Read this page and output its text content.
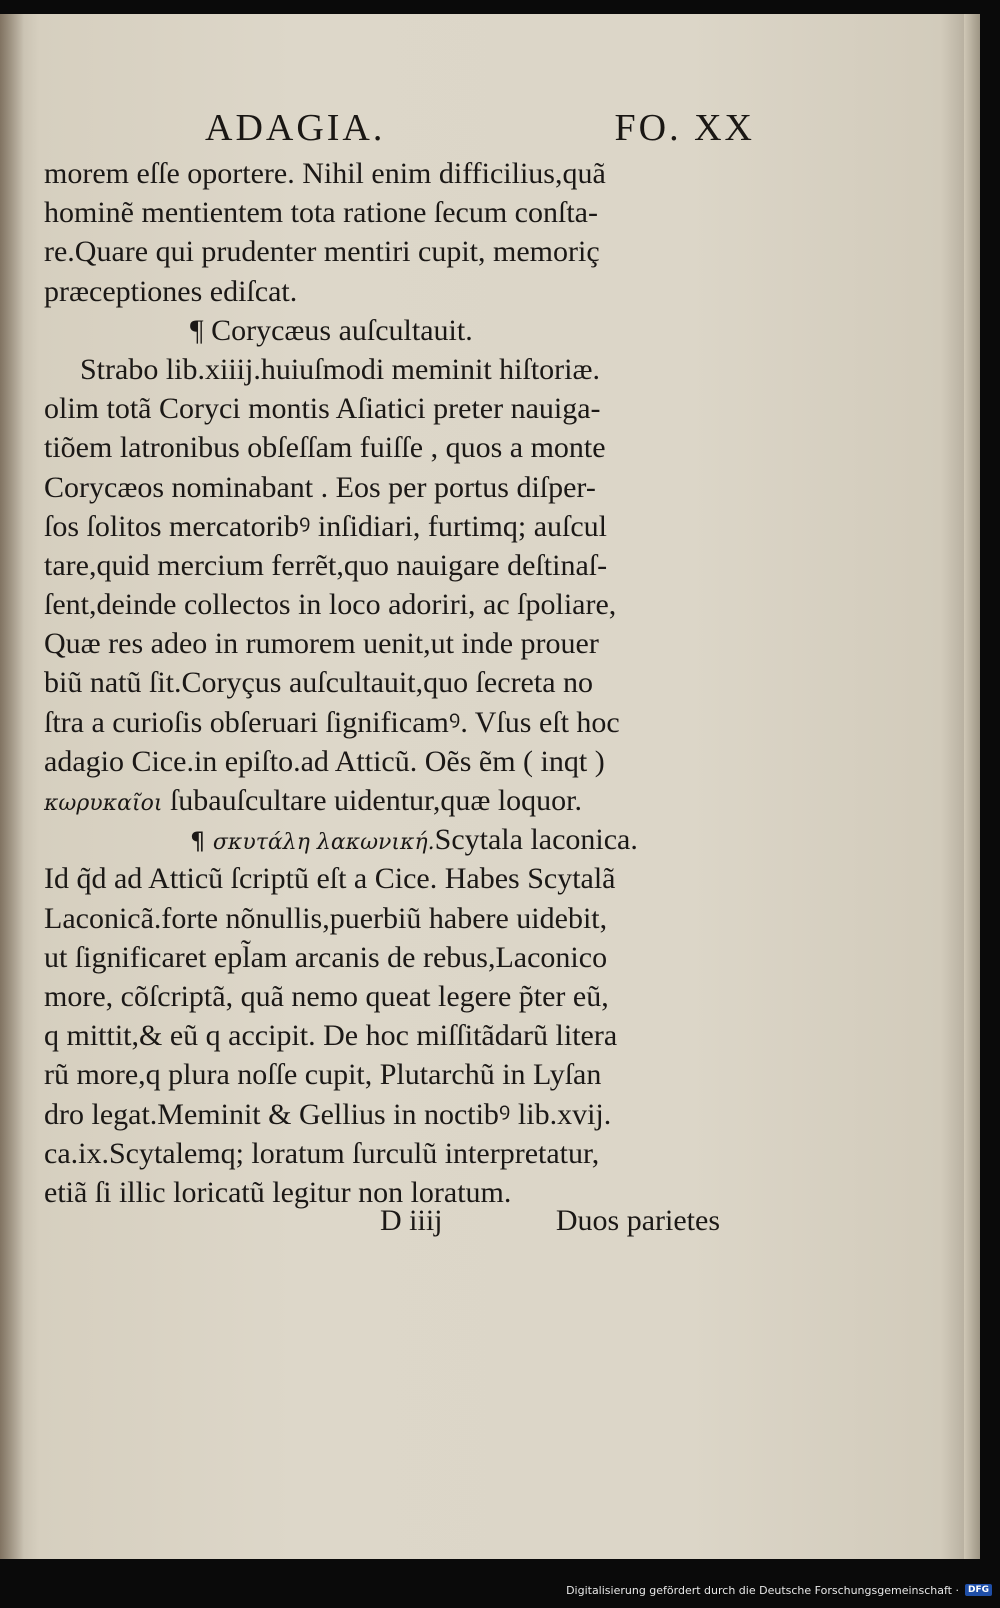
ADAGIA.	FO. XX
morem eſſe oportere. Nihil enim difficilius,quã
hominẽ mentientem tota ratione ſecum conſta-
re.Quare qui prudenter mentiri cupit, memoriç
præceptiones ediſcat.
¶ Corycæus auſcultauit.
Strabo lib.xiiij.huiuſmodi meminit hiſtoriæ.
olim totã Coryci montis Aſiatici preter nauiga-
tiõem latronibus obſeſſam fuiſſe , quos a monte
Corycæos nominabant . Eos per portus diſper-
ſos ſolitos mercatoribꝰ inſidiari, furtimq; auſcul
tare,quid mercium ferrẽt,quo nauigare deſtinaſ-
ſent,deinde collectos in loco adoriri, ac ſpoliare,
Quæ res adeo in rumorem uenit,ut inde prouer
biũ natũ ſit.Coryçus auſcultauit,quo ſecreta no
ſtra a curioſis obſeruari ſignificamꝰ. Vſus eſt hoc
adagio Cice.in epiſto.ad Atticũ. Oẽs ẽm ( inqt )
κωρυκαῖοι ſubauſcultare uidentur,quæ loquor.
¶ σκυτάλη λακωνική.Scytala laconica.
Id q̃d ad Atticũ ſcriptũ eſt a Cice. Habes Scytalã
Laconicã.forte nõnullis,puerbiũ habere uidebit,
ut ſignificaret epl̃am arcanis de rebus,Laconico
more, cõſcriptã, quã nemo queat legere p̃ter eũ,
q mittit,& eũ q accipit. De hoc miſſitãdarũ litera
rũ more,q plura noſſe cupit, Plutarchũ in Lyſan
dro legat.Meminit & Gellius in noctibꝰ lib.xvij.
ca.ix.Scytalemq; loratum ſurculũ interpretatur,
etiã ſi illic loricatũ legitur non loratum.
D iiij	Duos parietes
Digitalisierung gefördert durch die Deutsche Forschungsgemeinschaft ·	DFG
